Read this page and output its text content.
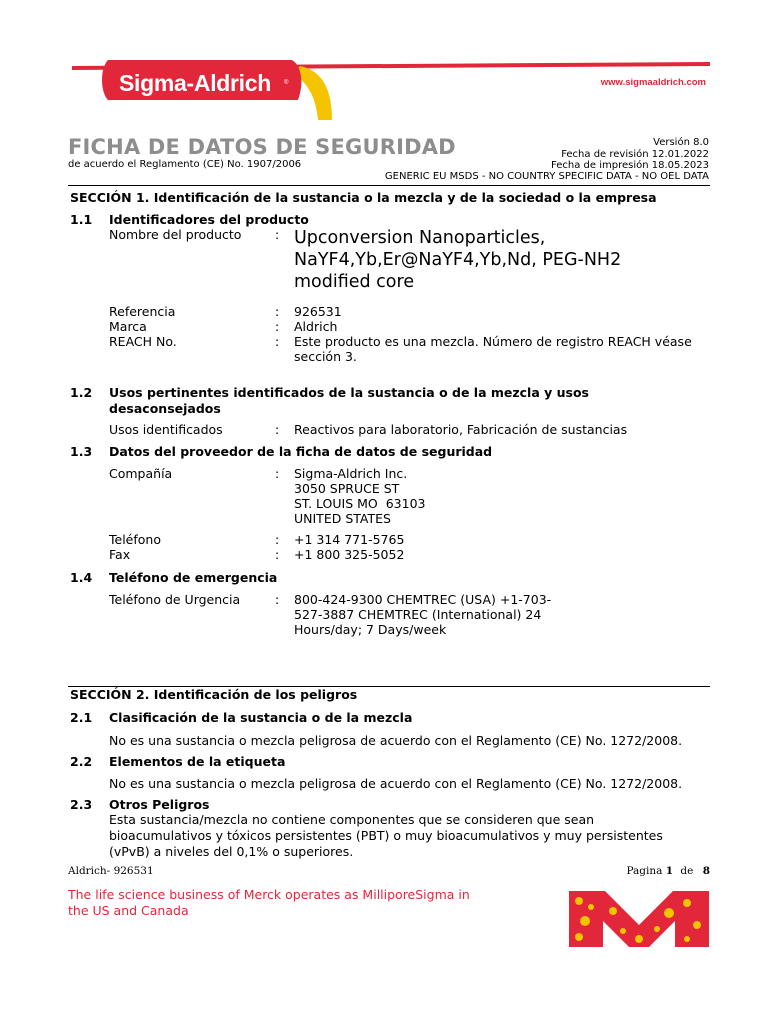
Sigma-Aldrich ®	www.sigmaaldrich.com
FICHA DE DATOS DE SEGURIDAD
de acuerdo el Reglamento (CE) No. 1907/2006
Versión 8.0
Fecha de revisión 12.01.2022
Fecha de impresión 18.05.2023
GENERIC EU MSDS - NO COUNTRY SPECIFIC DATA - NO OEL DATA
SECCIÓN 1. Identificación de la sustancia o la mezcla y de la sociedad o la empresa
1.1 Identificadores del producto
Nombre del producto	: Upconversion Nanoparticles,
NaYF4,Yb,Er@NaYF4,Yb,Nd, PEG-NH2
modified core
Referencia	: 926531
Marca	: Aldrich
REACH No.	: Este producto es una mezcla. Número de registro REACH véase
sección 3.
1.2 Usos pertinentes identificados de la sustancia o de la mezcla y usos
desaconsejados
Usos identificados	: Reactivos para laboratorio, Fabricación de sustancias
1.3 Datos del proveedor de la ficha de datos de seguridad
Compañía	: Sigma-Aldrich Inc.
3050 SPRUCE ST
ST. LOUIS MO  63103
UNITED STATES
Teléfono	: +1 314 771-5765
Fax	: +1 800 325-5052
1.4 Teléfono de emergencia
Teléfono de Urgencia	: 800-424-9300 CHEMTREC (USA) +1-703-
527-3887 CHEMTREC (International) 24
Hours/day; 7 Days/week
SECCIÓN 2. Identificación de los peligros
2.1 Clasificación de la sustancia o de la mezcla
No es una sustancia o mezcla peligrosa de acuerdo con el Reglamento (CE) No. 1272/2008.
2.2 Elementos de la etiqueta
No es una sustancia o mezcla peligrosa de acuerdo con el Reglamento (CE) No. 1272/2008.
2.3 Otros Peligros
Esta sustancia/mezcla no contiene componentes que se consideren que sean
bioacumulativos y tóxicos persistentes (PBT) o muy bioacumulativos y muy persistentes
(vPvB) a niveles del 0,1% o superiores.
Aldrich- 926531	Pagina 1 de 8
The life science business of Merck operates as MilliporeSigma in
the US and Canada
